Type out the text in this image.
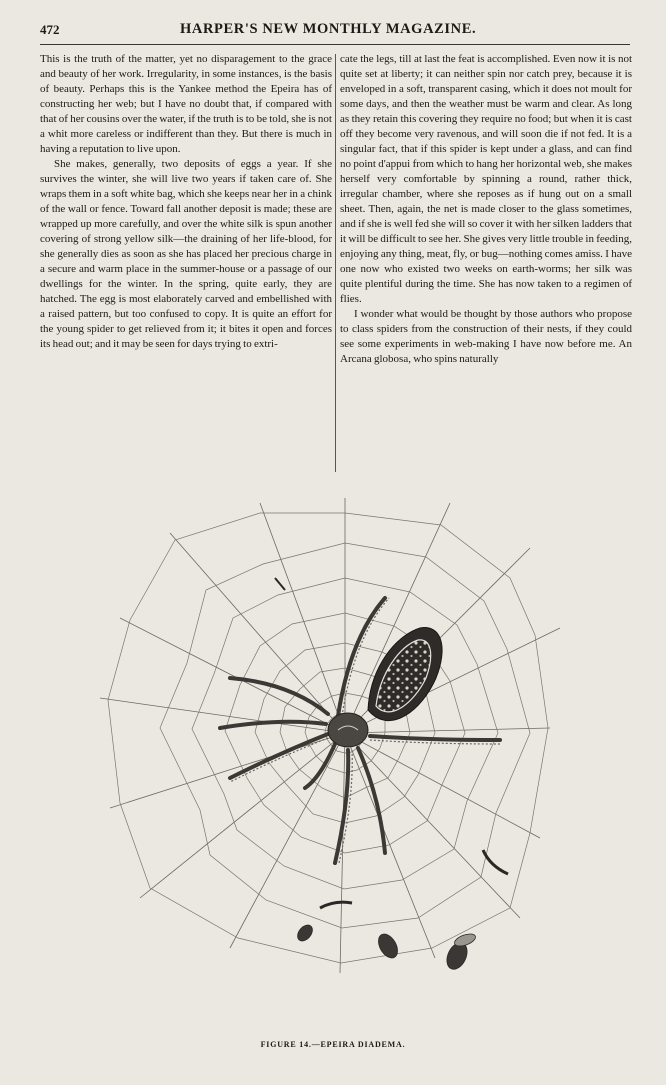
472	HARPER'S NEW MONTHLY MAGAZINE.

This is the truth of the matter, yet no disparagement to the grace and beauty of her work. Irregularity, in some instances, is the basis of beauty. Perhaps this is the Yankee method the Epeira has of constructing her web; but I have no doubt that, if compared with that of her cousins over the water, if the truth is to be told, she is not a whit more careless or indifferent than they. But there is much in having a reputation to live upon.

She makes, generally, two deposits of eggs a year. If she survives the winter, she will live two years if taken care of. She wraps them in a soft white bag, which she keeps near her in a chink of the wall or fence. Toward fall another deposit is made; these are wrapped up more carefully, and over the white silk is spun another covering of strong yellow silk—the draining of her life-blood, for she generally dies as soon as she has placed her precious charge in a secure and warm place in the summer-house or a passage of our dwellings for the winter. In the spring, quite early, they are hatched. The egg is most elaborately carved and embellished with a raised pattern, but too confused to copy. It is quite an effort for the young spider to get relieved from it; it bites it open and forces its head out; and it may be seen for days trying to extri-

cate the legs, till at last the feat is accomplished. Even now it is not quite set at liberty; it can neither spin nor catch prey, because it is enveloped in a soft, transparent casing, which it does not moult for some days, and then the weather must be warm and clear. As long as they retain this covering they require no food; but when it is cast off they become very ravenous, and will soon die if not fed. It is a singular fact, that if this spider is kept under a glass, and can find no point d'appui from which to hang her horizontal web, she makes herself very comfortable by spinning a round, rather thick, irregular chamber, where she reposes as if hung out on a small sheet. Then, again, the net is made closer to the glass sometimes, and if she is well fed she will so cover it with her silken ladders that it will be difficult to see her. She gives very little trouble in feeding, enjoying any thing, meat, fly, or bug—nothing comes amiss. I have one now who existed two weeks on earth-worms; her silk was quite plentiful during the time. She has now taken to a regimen of flies.

I wonder what would be thought by those authors who propose to class spiders from the construction of their nests, if they could see some experiments in web-making I have now before me. An Arcana globosa, who spins naturally

FIGURE 14.—EPEIRA DIADEMA.
